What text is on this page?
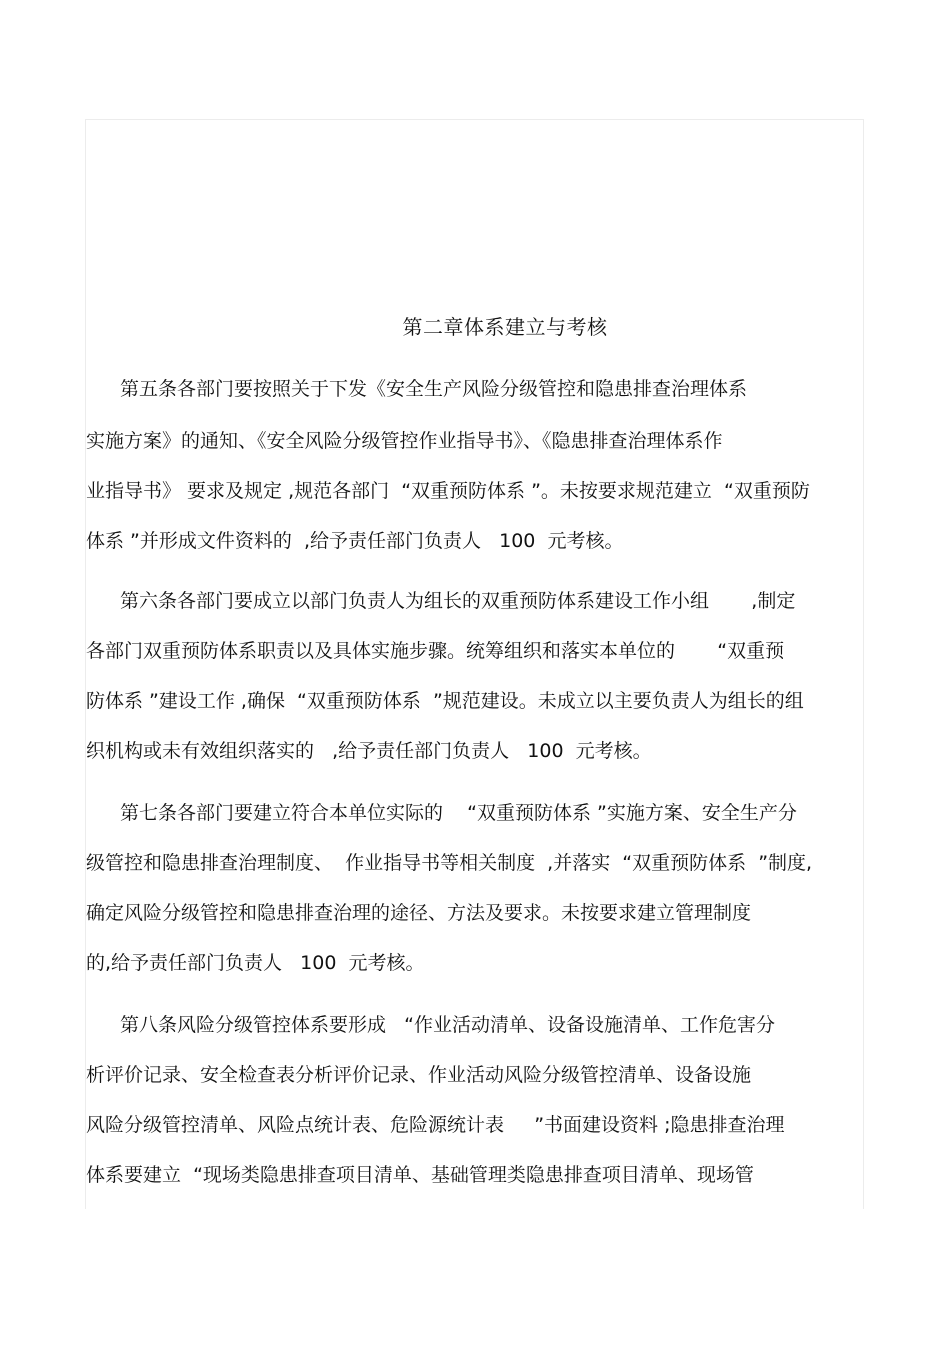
第二章体系建立与考核
第五条各部门要按照关于下发《安全生产风险分级管控和隐患排查治理体系
实施方案》的通知、《安全风险分级管控作业指导书》、《隐患排查治理体系作
业指导书》 要求及规定 ,规范各部门  “双重预防体系 ”。未按要求规范建立  “双重预防
体系 ”并形成文件资料的  ,给予责任部门负责人   100  元考核。
第六条各部门要成立以部门负责人为组长的双重预防体系建设工作小组       ,制定
各部门双重预防体系职责以及具体实施步骤。统筹组织和落实本单位的       “双重预
防体系 ”建设工作 ,确保  “双重预防体系  ”规范建设。未成立以主要负责人为组长的组
织机构或未有效组织落实的   ,给予责任部门负责人   100  元考核。
第七条各部门要建立符合本单位实际的    “双重预防体系 ”实施方案、安全生产分
级管控和隐患排查治理制度、  作业指导书等相关制度  ,并落实  “双重预防体系  ”制度,
确定风险分级管控和隐患排查治理的途径、方法及要求。未按要求建立管理制度
的,给予责任部门负责人   100  元考核。
第八条风险分级管控体系要形成   “作业活动清单、设备设施清单、工作危害分
析评价记录、安全检查表分析评价记录、作业活动风险分级管控清单、设备设施
风险分级管控清单、风险点统计表、危险源统计表     ”书面建设资料 ;隐患排查治理
体系要建立  “现场类隐患排查项目清单、基础管理类隐患排查项目清单、现场管
